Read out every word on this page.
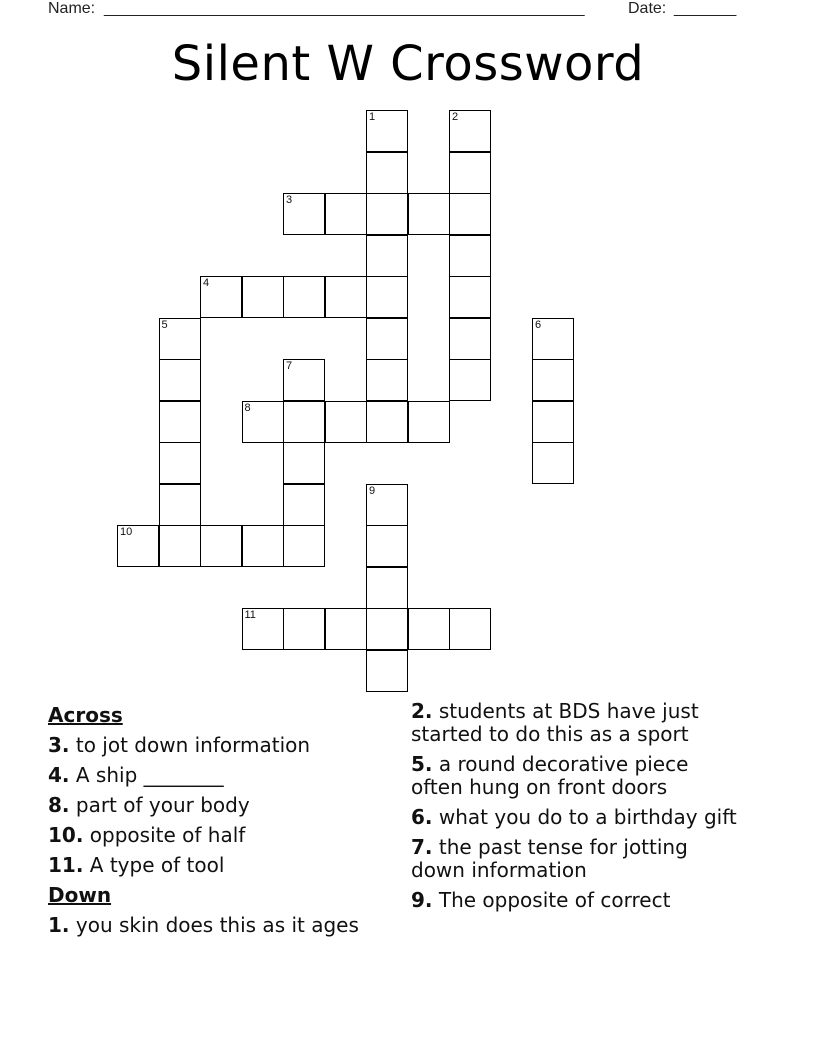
Name: ______________________________________________________	Date: _______
Silent W Crossword
1	2
3
4
5	6
7
8
9
10
11
Across
3. to jot down information
4. A ship ________
8. part of your body
10. opposite of half
11. A type of tool
Down
1. you skin does this as it ages
2. students at BDS have just started to do this as a sport
5. a round decorative piece often hung on front doors
6. what you do to a birthday gift
7. the past tense for jotting down information
9. The opposite of correct
